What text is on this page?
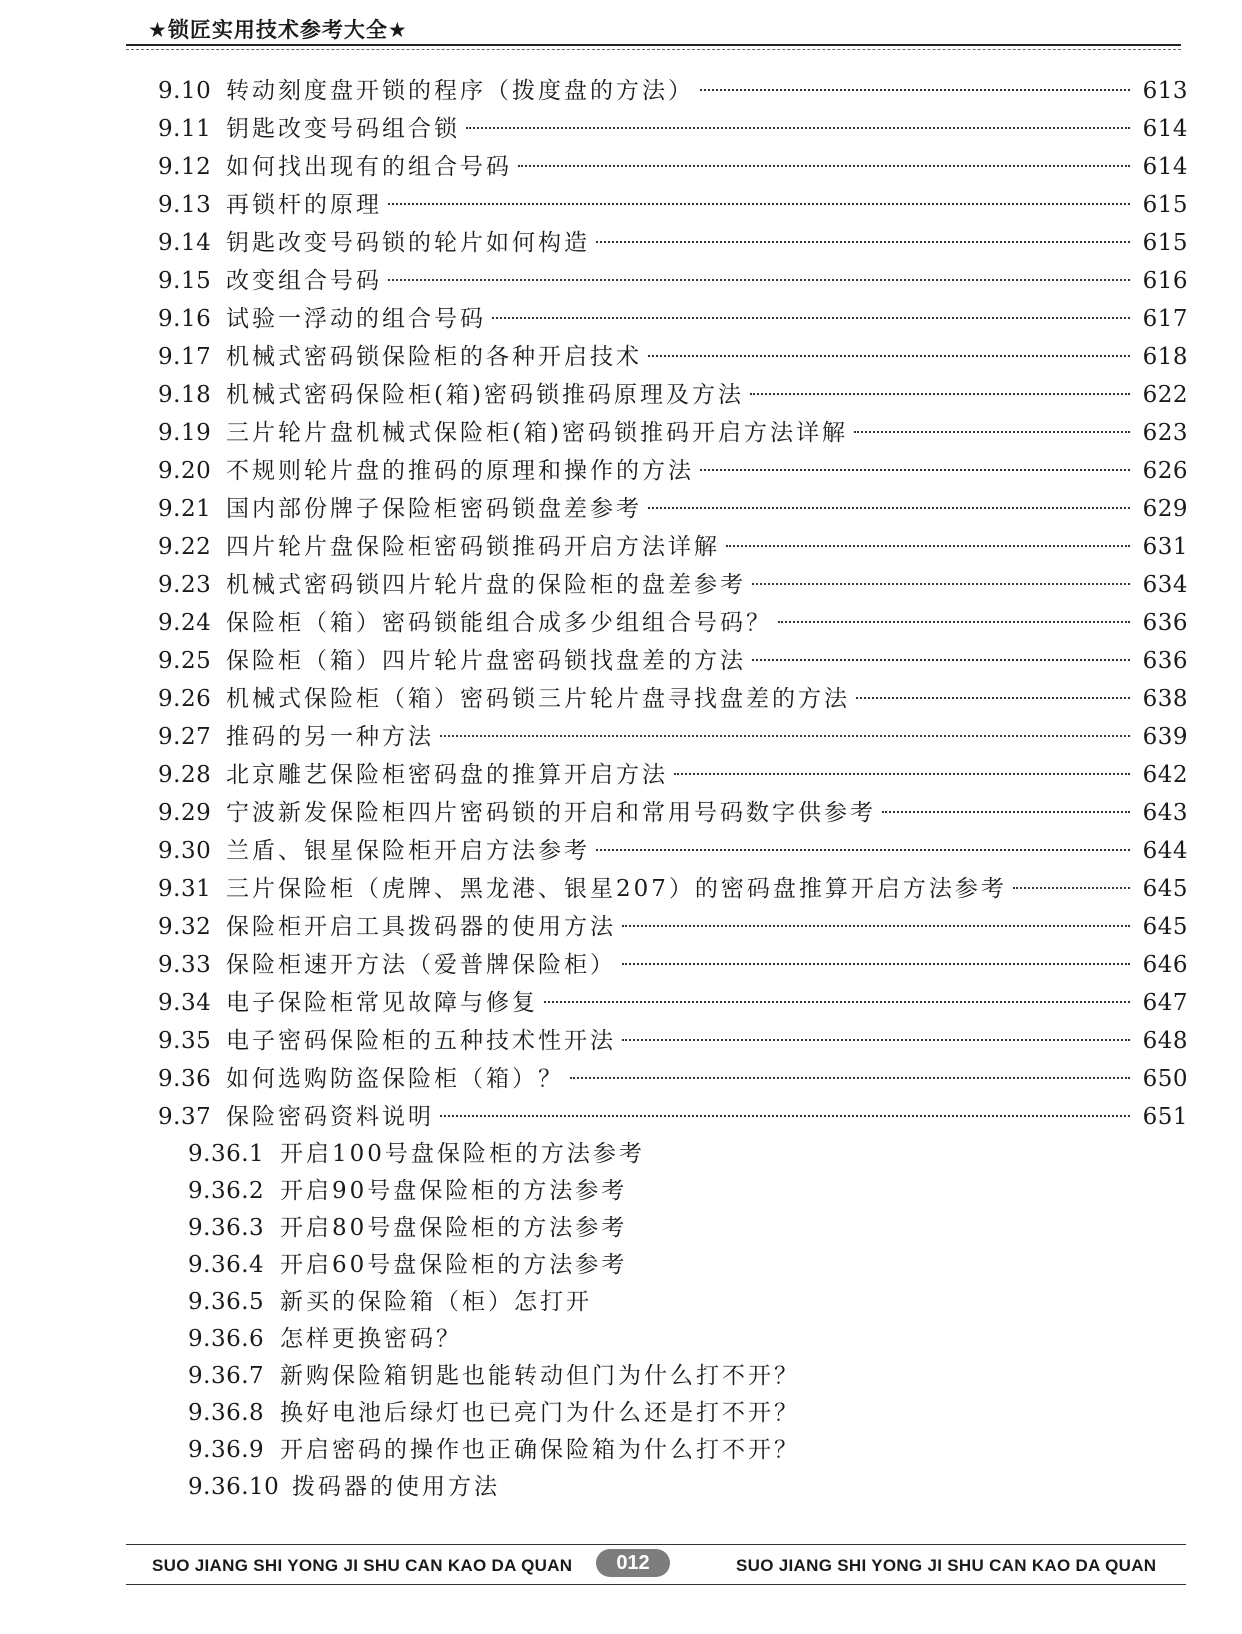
★锁匠实用技术参考大全★
9.10 转动刻度盘开锁的程序（拨度盘的方法）	613
9.11 钥匙改变号码组合锁	614
9.12 如何找出现有的组合号码	614
9.13 再锁杆的原理	615
9.14 钥匙改变号码锁的轮片如何构造	615
9.15 改变组合号码	616
9.16 试验一浮动的组合号码	617
9.17 机械式密码锁保险柜的各种开启技术	618
9.18 机械式密码保险柜(箱)密码锁推码原理及方法	622
9.19 三片轮片盘机械式保险柜(箱)密码锁推码开启方法详解	623
9.20 不规则轮片盘的推码的原理和操作的方法	626
9.21 国内部份牌子保险柜密码锁盘差参考	629
9.22 四片轮片盘保险柜密码锁推码开启方法详解	631
9.23 机械式密码锁四片轮片盘的保险柜的盘差参考	634
9.24 保险柜（箱）密码锁能组合成多少组组合号码？	636
9.25 保险柜（箱）四片轮片盘密码锁找盘差的方法	636
9.26 机械式保险柜（箱）密码锁三片轮片盘寻找盘差的方法	638
9.27 推码的另一种方法	639
9.28 北京雕艺保险柜密码盘的推算开启方法	642
9.29 宁波新发保险柜四片密码锁的开启和常用号码数字供参考	643
9.30 兰盾、银星保险柜开启方法参考	644
9.31 三片保险柜（虎牌、黑龙港、银星207）的密码盘推算开启方法参考	645
9.32 保险柜开启工具拨码器的使用方法	645
9.33 保险柜速开方法（爱普牌保险柜）	646
9.34 电子保险柜常见故障与修复	647
9.35 电子密码保险柜的五种技术性开法	648
9.36 如何选购防盗保险柜（箱）？	650
9.37 保险密码资料说明	651
9.36.1 开启100号盘保险柜的方法参考
9.36.2 开启90号盘保险柜的方法参考
9.36.3 开启80号盘保险柜的方法参考
9.36.4 开启60号盘保险柜的方法参考
9.36.5 新买的保险箱（柜）怎打开
9.36.6 怎样更换密码？
9.36.7 新购保险箱钥匙也能转动但门为什么打不开？
9.36.8 换好电池后绿灯也已亮门为什么还是打不开？
9.36.9 开启密码的操作也正确保险箱为什么打不开？
9.36.10 拨码器的使用方法
SUO JIANG SHI YONG JI SHU CAN KAO DA QUAN	012	SUO JIANG SHI YONG JI SHU CAN KAO DA QUAN
